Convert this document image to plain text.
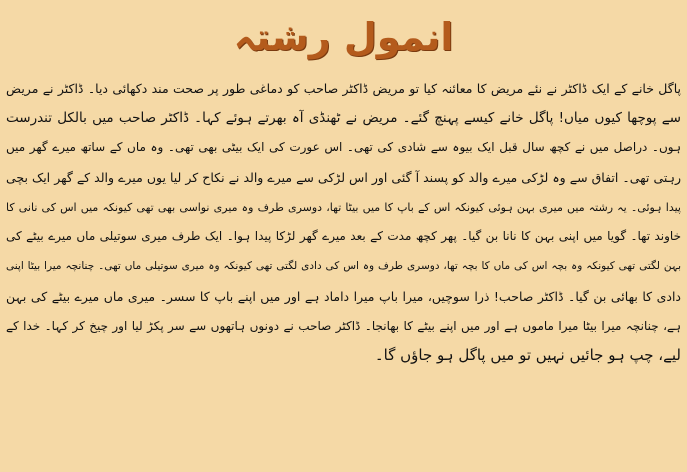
انمول رشتہ
پاگل خانے کے ایک ڈاکٹر نے نئے مریض کا معائنہ کیا تو مریض ڈاکٹر صاحب کو دماغی طور پر صحت مند دکھائی دیا۔ ڈاکٹر نے مریض
سے پوچھا کیوں میاں! پاگل خانے کیسے پہنچ گئے۔ مریض نے ٹھنڈی آہ بھرتے ہوئے کہا۔ ڈاکٹر صاحب میں بالکل تندرست
ہوں۔ دراصل میں نے کچھ سال قبل ایک بیوہ سے شادی کی تھی۔ اس عورت کی ایک بیٹی بھی تھی۔ وہ ماں کے ساتھ میرے گھر میں
رہتی تھی۔ اتفاق سے وہ لڑکی میرے والد کو پسند آ گئی اور اس لڑکی سے میرے والد نے نکاح کر لیا یوں میرے والد کے گھر ایک بچی
پیدا ہوئی۔ یہ رشتہ میں میری بہن ہوئی کیونکہ اس کے باپ کا میں بیٹا تھا، دوسری طرف وہ میری نواسی بھی تھی کیونکہ میں اس کی نانی کا
خاوند تھا۔ گویا میں اپنی بہن کا نانا بن گیا۔ پھر کچھ مدت کے بعد میرے گھر لڑکا پیدا ہوا۔ ایک طرف میری سوتیلی ماں میرے بیٹے کی
بہن لگتی تھی کیونکہ وہ بچہ اس کی ماں کا بچہ تھا، دوسری طرف وہ اس کی دادی لگتی تھی کیونکہ وہ میری سوتیلی ماں تھی۔ چنانچہ میرا بیٹا اپنی
دادی کا بھائی بن گیا۔ ڈاکٹر صاحب! ذرا سوچیں، میرا باپ میرا داماد ہے اور میں اپنے باپ کا سسر۔ میری ماں میرے بیٹے کی بہن
ہے، چنانچہ میرا بیٹا میرا ماموں ہے اور میں اپنے بیٹے کا بھانجا۔ ڈاکٹر صاحب نے دونوں ہاتھوں سے سر پکڑ لیا اور چیخ کر کہا۔ خدا کے
لیے، چپ ہو جائیں نہیں تو میں پاگل ہو جاؤں گا۔
